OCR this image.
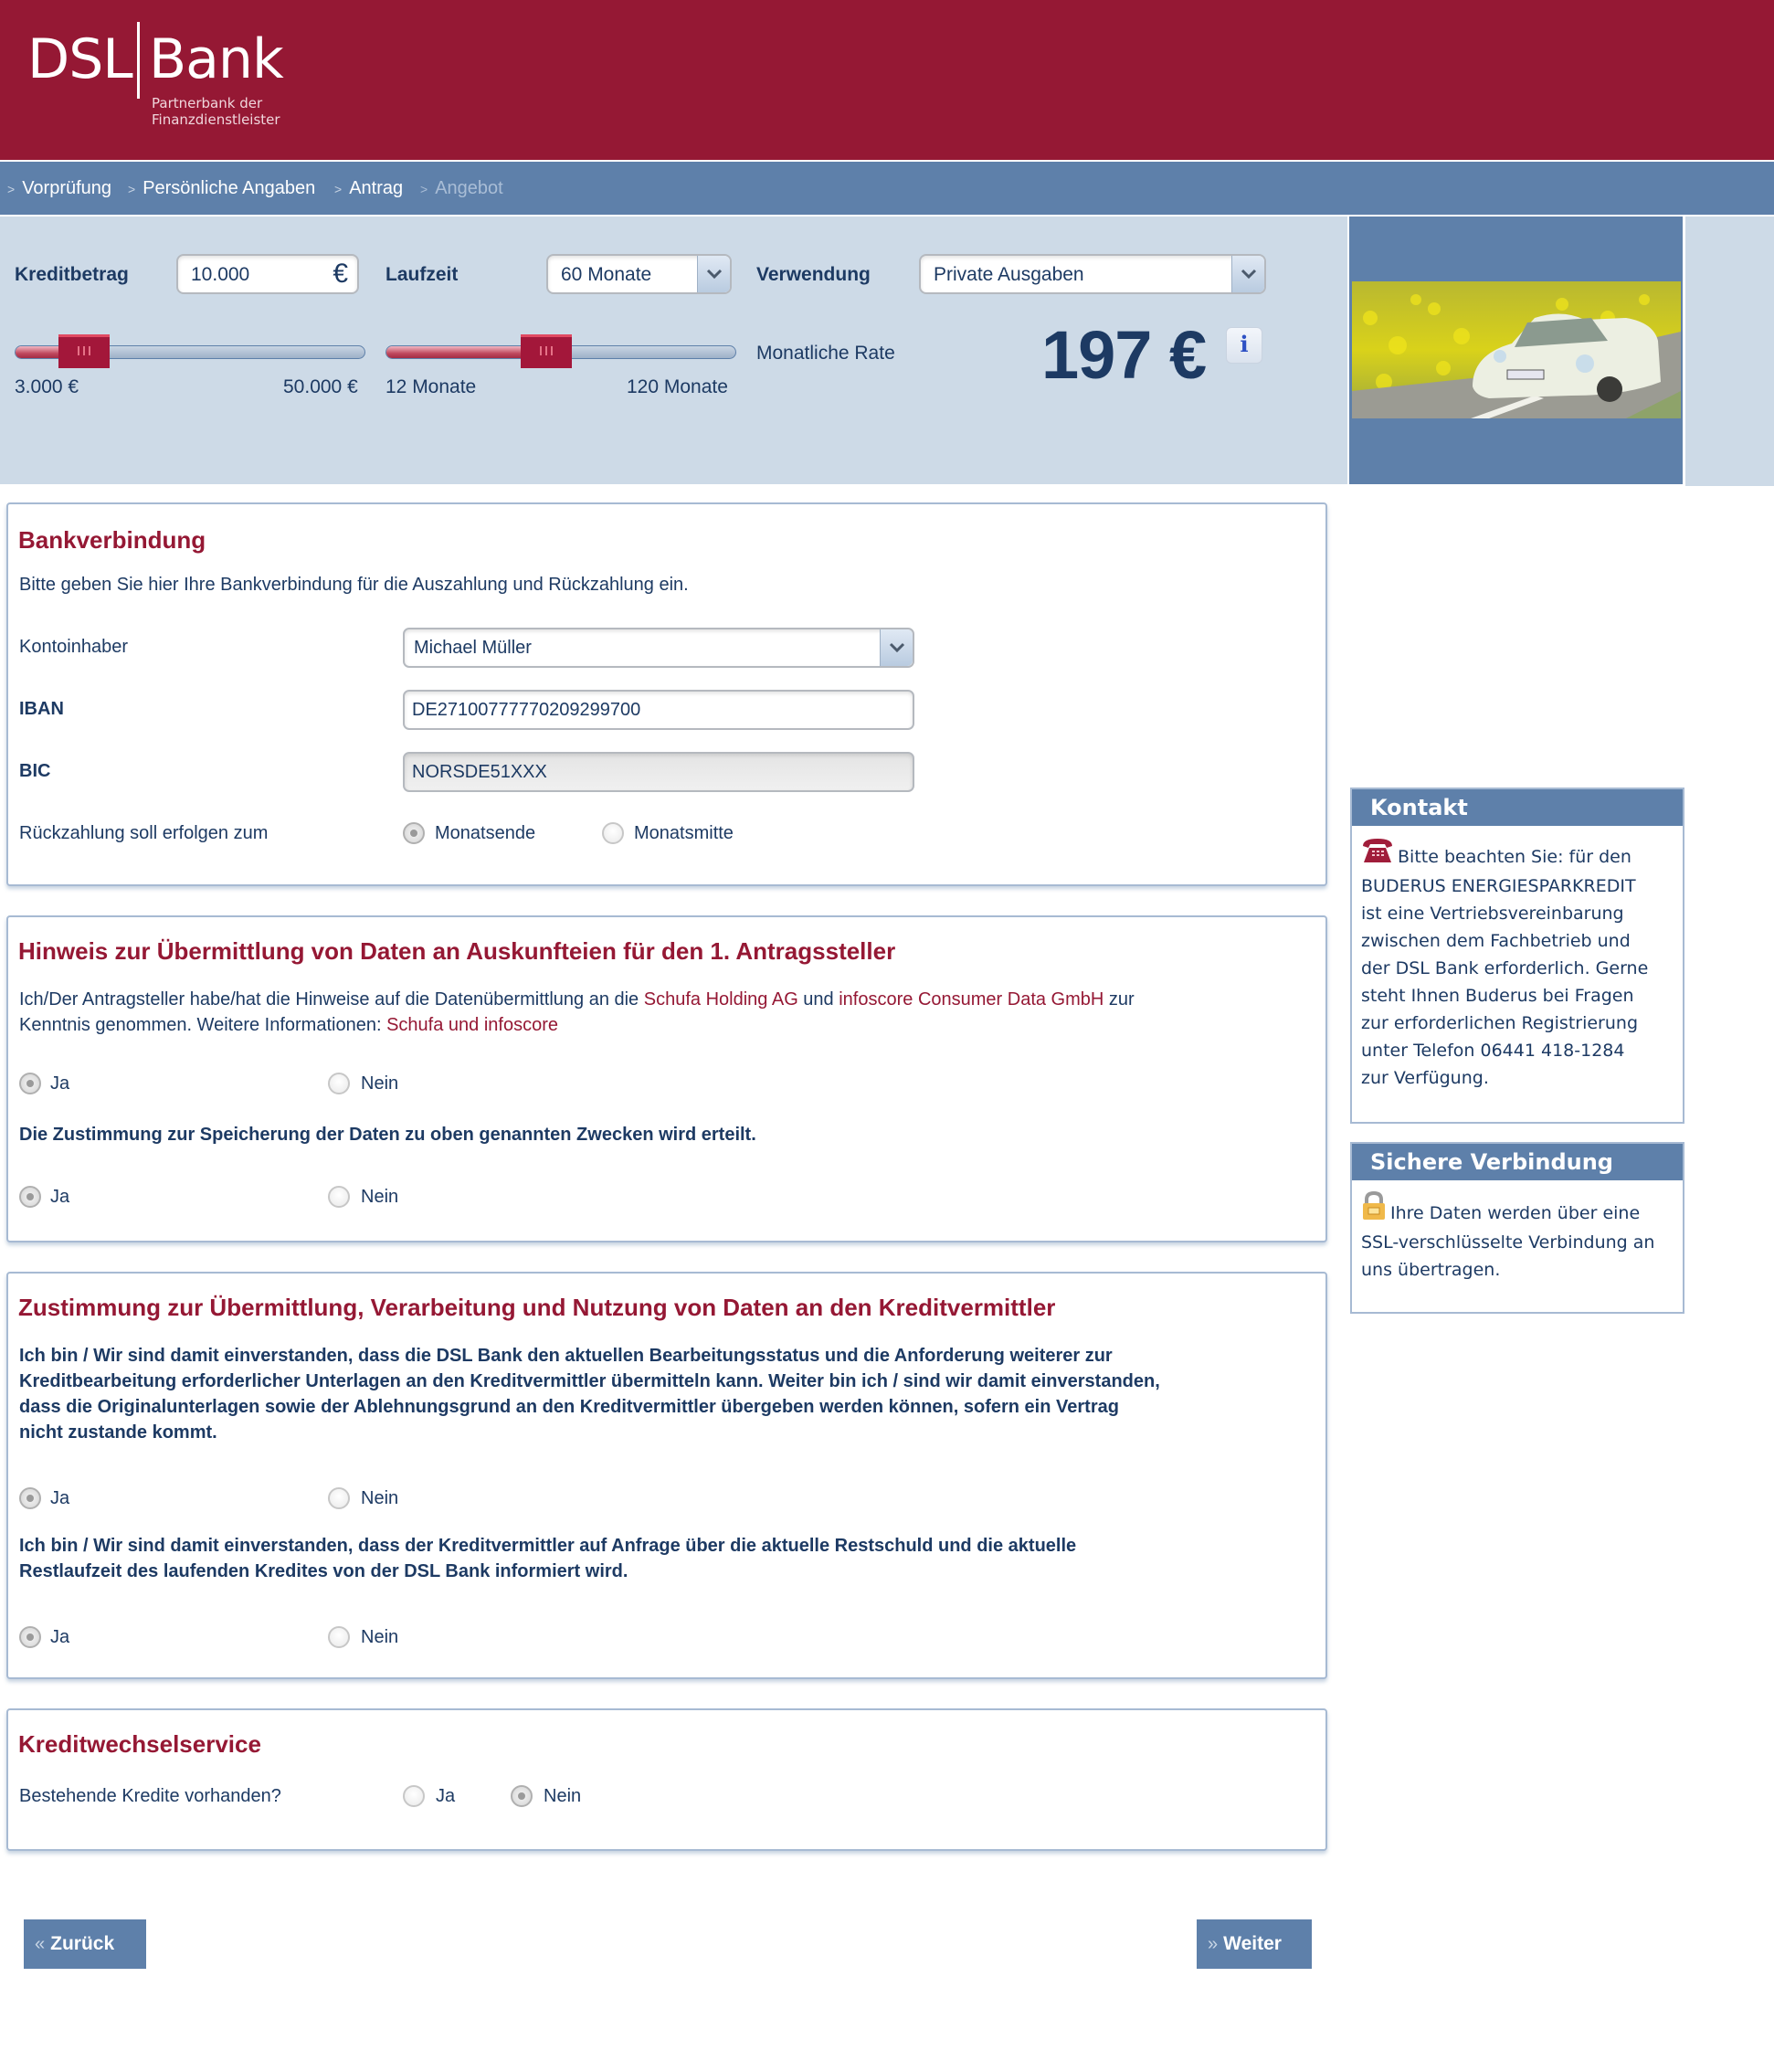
DSL Bank
Partnerbank der
Finanzdienstleister
> Vorprüfung > Persönliche Angaben > Antrag > Angebot
Kreditbetrag	10.000	€ Laufzeit	60 Monate	Verwendung	Private Ausgaben
3.000 €	50.000 € 12 Monate	120 Monate
Monatliche Rate 197 €	i
Bankverbindung
Bitte geben Sie hier Ihre Bankverbindung für die Auszahlung und Rückzahlung ein.
Kontoinhaber	Michael Müller
IBAN	DE27100777770209299700
BIC	NORSDE51XXX
Rückzahlung soll erfolgen zum	Monatsende	Monatsmitte
Hinweis zur Übermittlung von Daten an Auskunfteien für den 1. Antragssteller
Ich/Der Antragsteller habe/hat die Hinweise auf die Datenübermittlung an die Schufa Holding AG und infoscore Consumer Data GmbH zur
Kenntnis genommen. Weitere Informationen: Schufa und infoscore
Ja	Nein
Die Zustimmung zur Speicherung der Daten zu oben genannten Zwecken wird erteilt.
Ja	Nein
Zustimmung zur Übermittlung, Verarbeitung und Nutzung von Daten an den Kreditvermittler
Ich bin / Wir sind damit einverstanden, dass die DSL Bank den aktuellen Bearbeitungsstatus und die Anforderung weiterer zur
Kreditbearbeitung erforderlicher Unterlagen an den Kreditvermittler übermitteln kann. Weiter bin ich / sind wir damit einverstanden,
dass die Originalunterlagen sowie der Ablehnungsgrund an den Kreditvermittler übergeben werden können, sofern ein Vertrag
nicht zustande kommt.
Ja	Nein
Ich bin / Wir sind damit einverstanden, dass der Kreditvermittler auf Anfrage über die aktuelle Restschuld und die aktuelle
Restlaufzeit des laufenden Kredites von der DSL Bank informiert wird.
Ja	Nein
Kreditwechselservice
Bestehende Kredite vorhanden?	Ja	Nein
« Zurück	» Weiter
Kontakt
Bitte beachten Sie: für den
BUDERUS ENERGIESPARKREDIT
ist eine Vertriebsvereinbarung
zwischen dem Fachbetrieb und
der DSL Bank erforderlich. Gerne
steht Ihnen Buderus bei Fragen
zur erforderlichen Registrierung
unter Telefon 06441 418-1284
zur Verfügung.
Sichere Verbindung
Ihre Daten werden über eine
SSL-verschlüsselte Verbindung an
uns übertragen.
